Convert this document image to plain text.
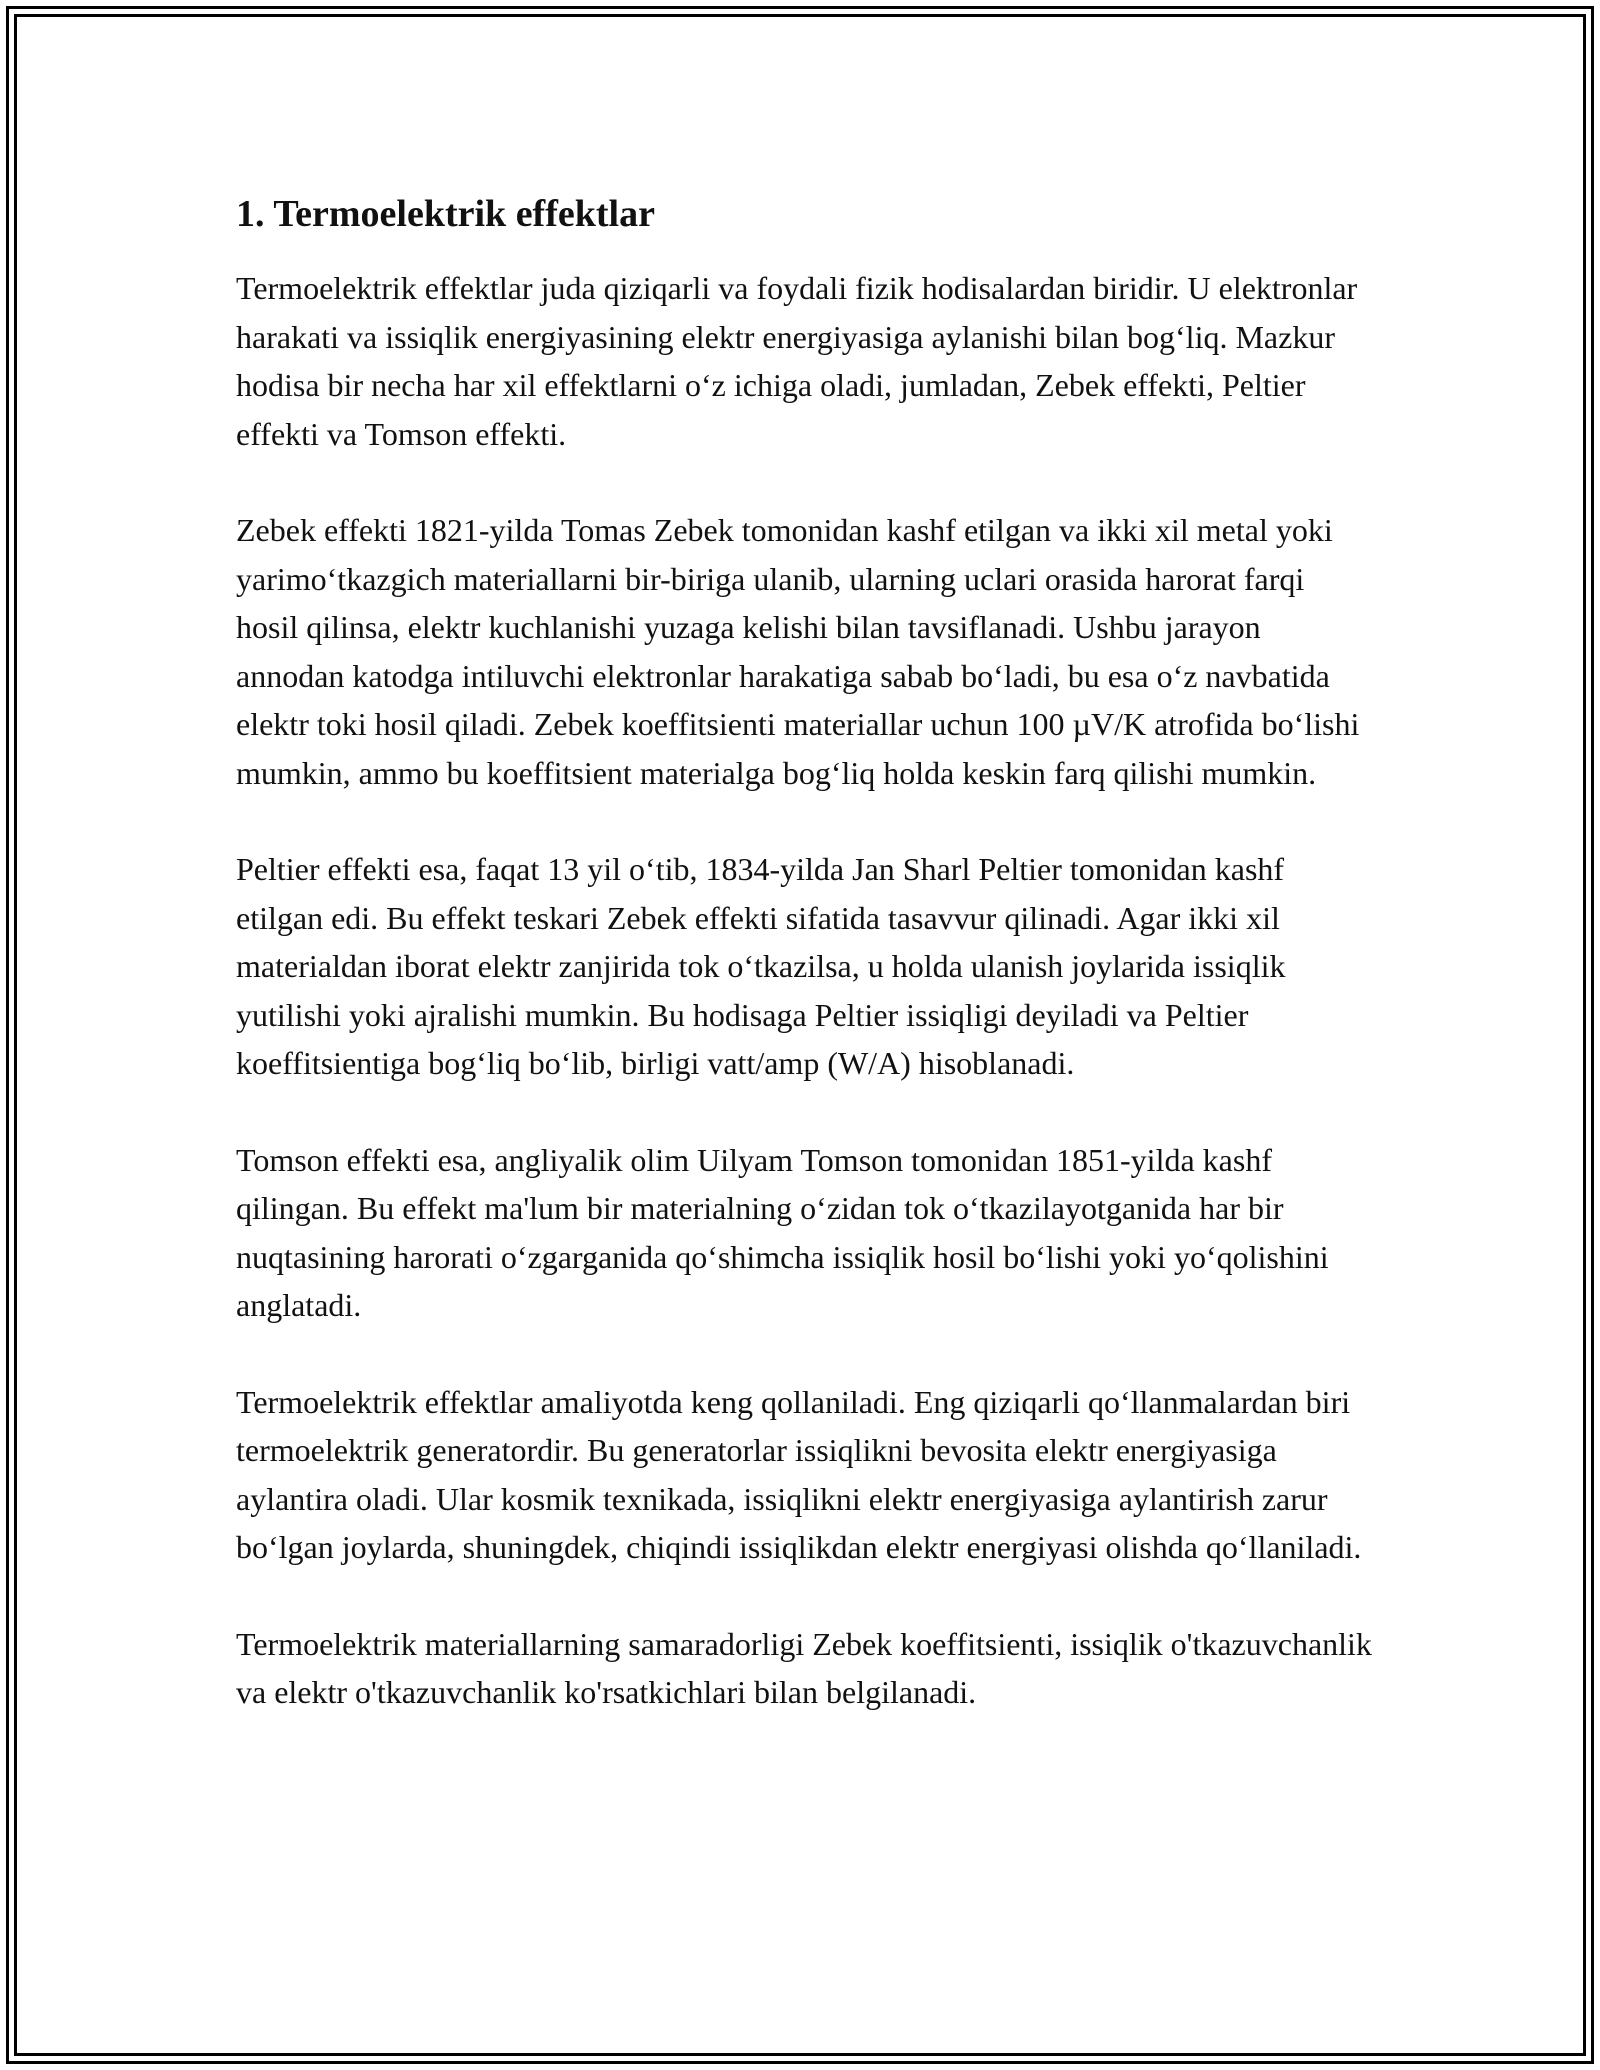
1. Termoelektrik effektlar

Termoelektrik effektlar juda qiziqarli va foydali fizik hodisalardan biridir. U elektronlar harakati va issiqlik energiyasining elektr energiyasiga aylanishi bilan bog‘liq. Mazkur hodisa bir necha har xil effektlarni o‘z ichiga oladi, jumladan, Zebek effekti, Peltier effekti va Tomson effekti.

Zebek effekti 1821-yilda Tomas Zebek tomonidan kashf etilgan va ikki xil metal yoki yarimo‘tkazgich materiallarni bir-biriga ulanib, ularning uclari orasida harorat farqi hosil qilinsa, elektr kuchlanishi yuzaga kelishi bilan tavsiflanadi. Ushbu jarayon annodan katodga intiluvchi elektronlar harakatiga sabab bo‘ladi, bu esa o‘z navbatida elektr toki hosil qiladi. Zebek koeffitsienti materiallar uchun 100 µV/K atrofida bo‘lishi mumkin, ammo bu koeffitsient materialga bog‘liq holda keskin farq qilishi mumkin.

Peltier effekti esa, faqat 13 yil o‘tib, 1834-yilda Jan Sharl Peltier tomonidan kashf etilgan edi. Bu effekt teskari Zebek effekti sifatida tasavvur qilinadi. Agar ikki xil materialdan iborat elektr zanjirida tok o‘tkazilsa, u holda ulanish joylarida issiqlik yutilishi yoki ajralishi mumkin. Bu hodisaga Peltier issiqligi deyiladi va Peltier koeffitsientiga bog‘liq bo‘lib, birligi vatt/amp (W/A) hisoblanadi.

Tomson effekti esa, angliyalik olim Uilyam Tomson tomonidan 1851-yilda kashf qilingan. Bu effekt ma'lum bir materialning o‘zidan tok o‘tkazilayotganida har bir nuqtasining harorati o‘zgarganida qo‘shimcha issiqlik hosil bo‘lishi yoki yo‘qolishini anglatadi.

Termoelektrik effektlar amaliyotda keng qollaniladi. Eng qiziqarli qo‘llanmalardan biri termoelektrik generatordir. Bu generatorlar issiqlikni bevosita elektr energiyasiga aylantira oladi. Ular kosmik texnikada, issiqlikni elektr energiyasiga aylantirish zarur bo‘lgan joylarda, shuningdek, chiqindi issiqlikdan elektr energiyasi olishda qo‘llaniladi.

Termoelektrik materiallarning samaradorligi Zebek koeffitsienti, issiqlik o'tkazuvchanlik va elektr o'tkazuvchanlik ko'rsatkichlari bilan belgilanadi.
